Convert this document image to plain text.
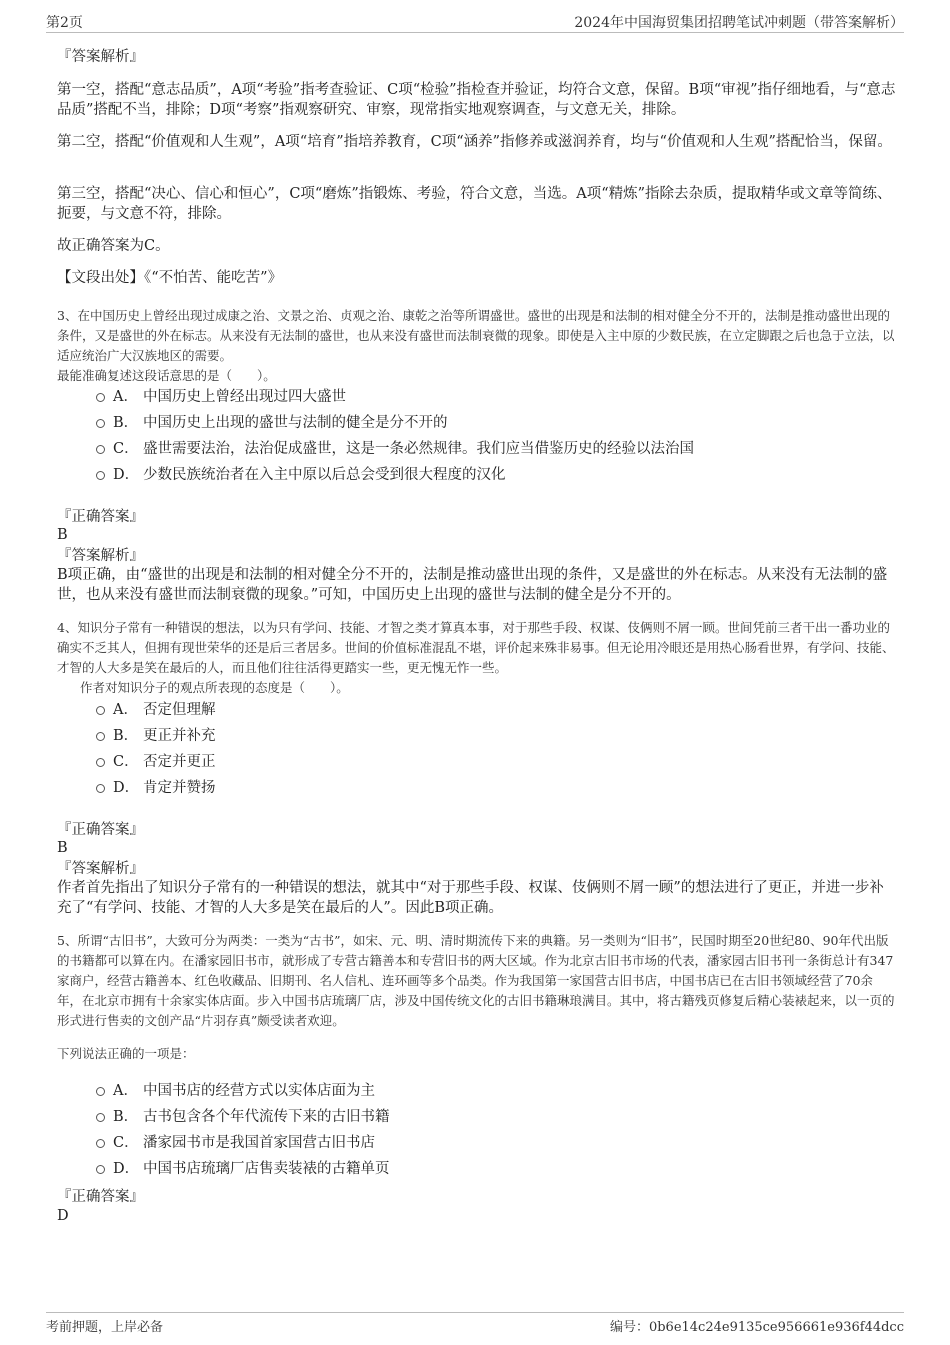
第2页	2024年中国海贸集团招聘笔试冲刺题（带答案解析）

『答案解析』

第一空，搭配“意志品质”，A项“考验”指考查验证、C项“检验”指检查并验证，均符合文意，保留。B项“审视”指仔细地看，与“意志品质”搭配不当，排除；D项“考察”指观察研究、审察，现常指实地观察调查，与文意无关，排除。

第二空，搭配“价值观和人生观”，A项“培育”指培养教育，C项“涵养”指修养或滋润养育，均与“价值观和人生观”搭配恰当，保留。

第三空，搭配“决心、信心和恒心”，C项“磨炼”指锻炼、考验，符合文意，当选。A项“精炼”指除去杂质，提取精华或文章等简练、扼要，与文意不符，排除。

故正确答案为C。

【文段出处】《“不怕苦、能吃苦”》

3、在中国历史上曾经出现过成康之治、文景之治、贞观之治、康乾之治等所谓盛世。盛世的出现是和法制的相对健全分不开的，法制是推动盛世出现的条件，又是盛世的外在标志。从来没有无法制的盛世，也从来没有盛世而法制衰微的现象。即使是入主中原的少数民族，在立定脚跟之后也急于立法，以适应统治广大汉族地区的需要。

最能准确复述这段话意思的是（　　）。

A． 中国历史上曾经出现过四大盛世
B． 中国历史上出现的盛世与法制的健全是分不开的
C． 盛世需要法治，法治促成盛世，这是一条必然规律。我们应当借鉴历史的经验以法治国
D． 少数民族统治者在入主中原以后总会受到很大程度的汉化

『正确答案』

B

『答案解析』

B项正确，由“盛世的出现是和法制的相对健全分不开的，法制是推动盛世出现的条件，又是盛世的外在标志。从来没有无法制的盛世，也从来没有盛世而法制衰微的现象。”可知，中国历史上出现的盛世与法制的健全是分不开的。

4、知识分子常有一种错误的想法，以为只有学问、技能、才智之类才算真本事，对于那些手段、权谋、伎俩则不屑一顾。世间凭前三者干出一番功业的确实不乏其人，但拥有现世荣华的还是后三者居多。世间的价值标准混乱不堪，评价起来殊非易事。但无论用冷眼还是用热心肠看世界，有学问、技能、才智的人大多是笑在最后的人，而且他们往往活得更踏实一些，更无愧无怍一些。

作者对知识分子的观点所表现的态度是（　　）。

A． 否定但理解
B． 更正并补充
C． 否定并更正
D． 肯定并赞扬

『正确答案』

B

『答案解析』

作者首先指出了知识分子常有的一种错误的想法，就其中“对于那些手段、权谋、伎俩则不屑一顾”的想法进行了更正，并进一步补充了“有学问、技能、才智的人大多是笑在最后的人”。因此B项正确。

5、所谓“古旧书”，大致可分为两类：一类为“古书”，如宋、元、明、清时期流传下来的典籍。另一类则为“旧书”，民国时期至20世纪80、90年代出版的书籍都可以算在内。在潘家园旧书市，就形成了专营古籍善本和专营旧书的两大区域。作为北京古旧书市场的代表，潘家园古旧书刊一条街总计有347家商户，经营古籍善本、红色收藏品、旧期刊、名人信札、连环画等多个品类。作为我国第一家国营古旧书店，中国书店已在古旧书领域经营了70余年，在北京市拥有十余家实体店面。步入中国书店琉璃厂店，涉及中国传统文化的古旧书籍琳琅满目。其中，将古籍残页修复后精心装裱起来，以一页的形式进行售卖的文创产品“片羽存真”颇受读者欢迎。

下列说法正确的一项是：

A． 中国书店的经营方式以实体店面为主
B． 古书包含各个年代流传下来的古旧书籍
C． 潘家园书市是我国首家国营古旧书店
D． 中国书店琉璃厂店售卖装裱的古籍单页

『正确答案』

D

考前押题，上岸必备	编号：0b6e14c24e9135ce956661e936f44dcc
